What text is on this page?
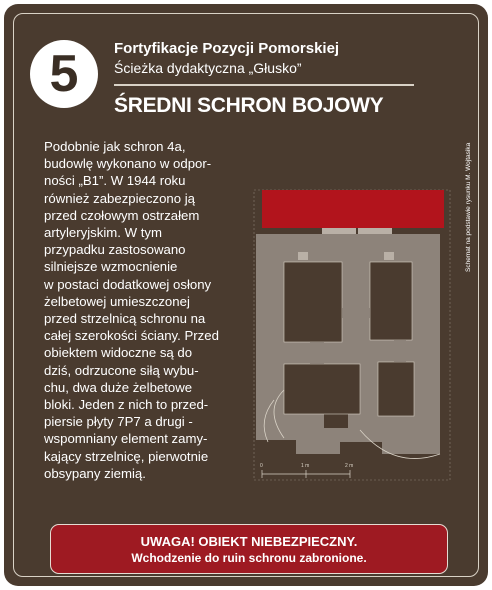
5 Fortyfikacje Pozycji Pomorskiej
Ścieżka dydaktyczna „Głusko”
ŚREDNI SCHRON BOJOWY
Podobnie jak schron 4a,
budowlę wykonano w odpor-
ności „B1”. W 1944 roku
również zabezpieczono ją
przed czołowym ostrzałem
artyleryjskim. W tym
przypadku zastosowano
silniejsze wzmocnienie
w postaci dodatkowej osłony
żelbetowej umieszczonej
przed strzelnicą schronu na
całej szerokości ściany. Przed
obiektem widoczne są do
dziś, odrzucone siłą wybu-
chu, dwa duże żelbetowe
bloki. Jeden z nich to przed-
piersie płyty 7P7 a drugi -
wspomniany element zamy-
kający strzelnicę, pierwotnie
obsypany ziemią.	0	1 m	2 m
Schemat na podstawie rysunku M. Wojtasika
UWAGA! OBIEKT NIEBEZPIECZNY.
Wchodzenie do ruin schronu zabronione.
